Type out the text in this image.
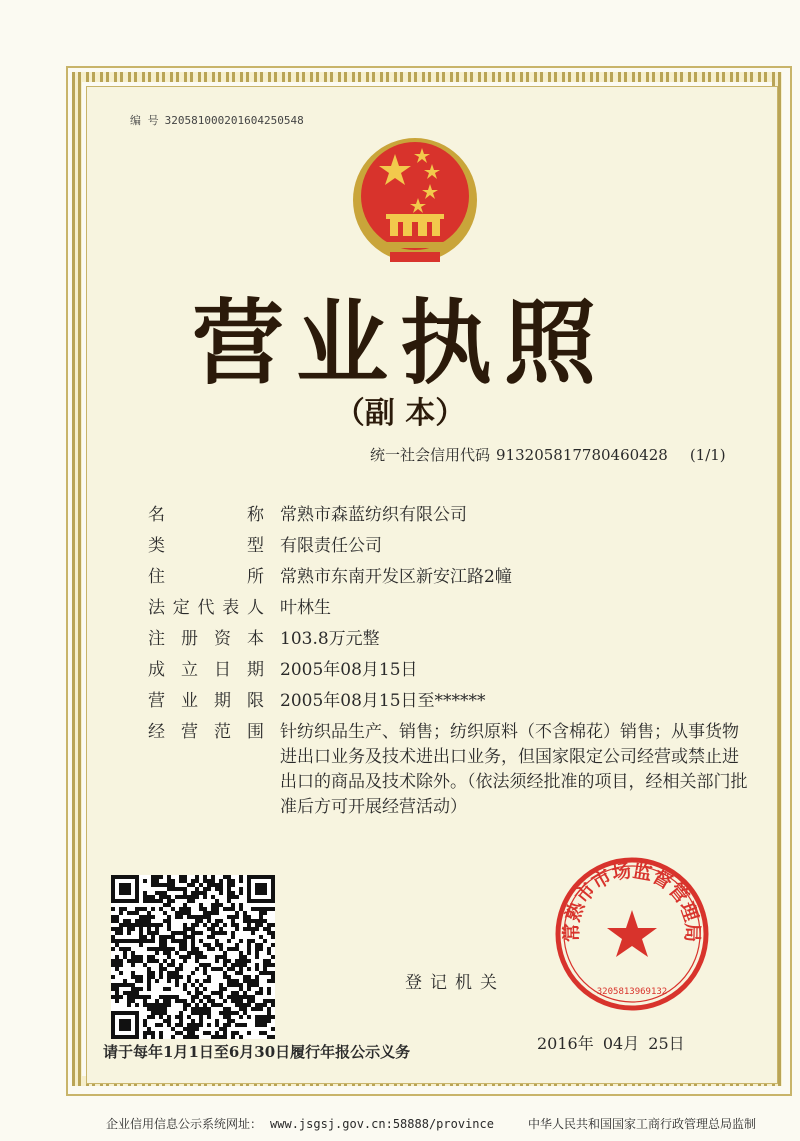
编 号 32058100020160425054​8
营业执照
（副 本）
统一社会信用代码 913205817780460428 (1/1)
名	称 常熟市森蓝纺织有限公司
类	型 有限责任公司
住	所 常熟市东南开发区新安江路2幢
法 定 代 表 人 叶林生
注 册 资 本 103.8万元整
成 立 日 期 2005年08月15日
营 业 期 限 2005年08月15日至******
经 营 范 围 针纺织品生产、销售；纺织原料（不含棉花）销售；从事货物进出口业务及技术进出口业务，但国家限定公司经营或禁止进出口的商品及技术除外。（依法须经批准的项目，经相关部门批准后方可开展经营活动）
登记机关
常熟市市场监督管理局
3205813969132
请于每年1月1日至6月30日履行年报公示义务	2016年 04月 25日
企业信用信息公示系统网址： www.jsgsj.gov.cn:58888/province	中华人民共和国国家工商行政管理总局监制
